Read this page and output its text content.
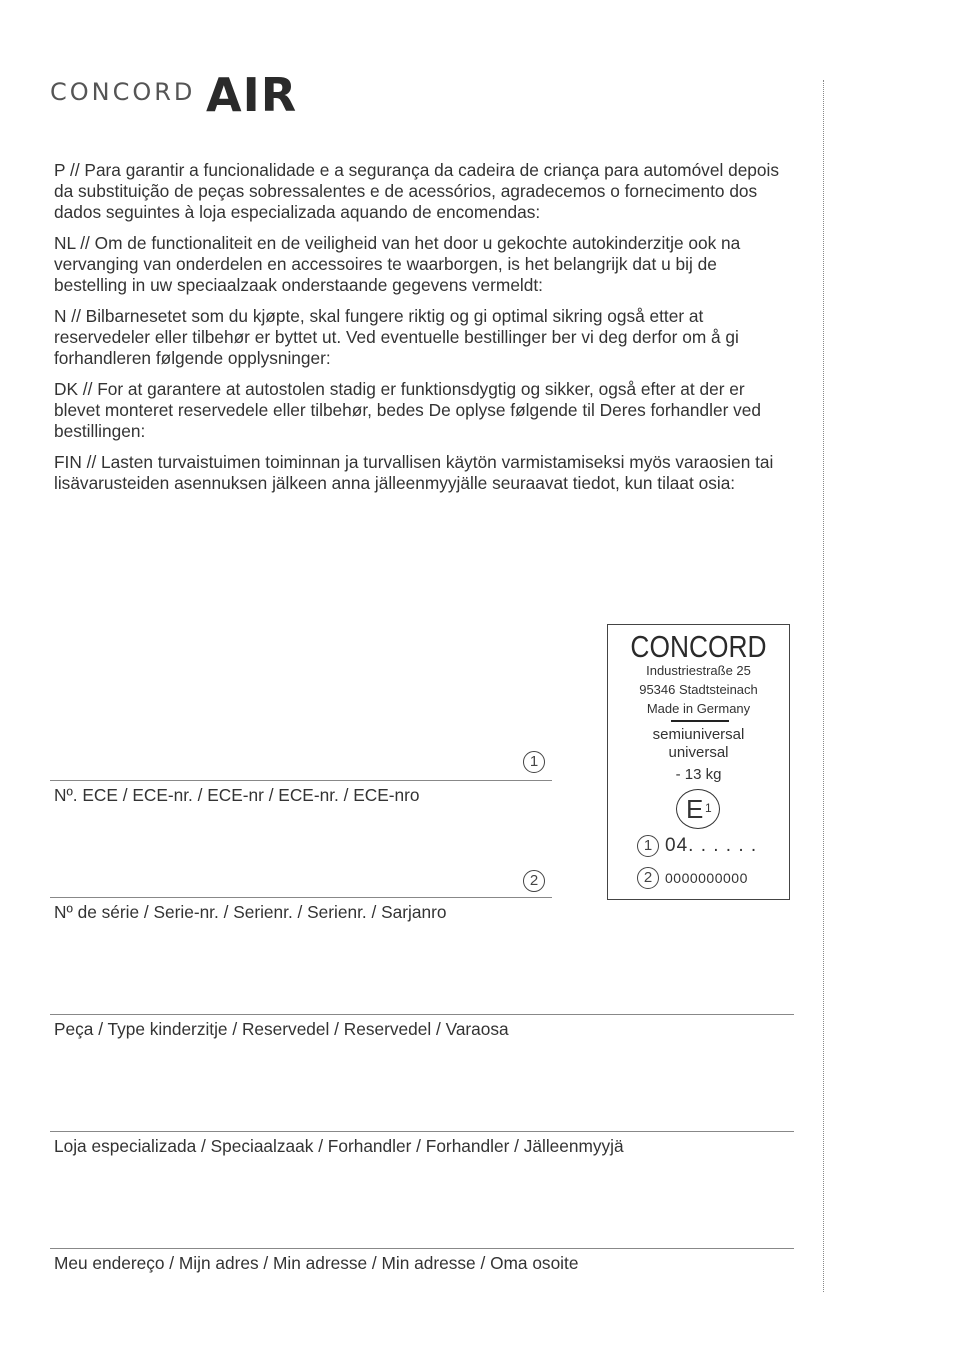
CONCORD AIR

P // Para garantir a funcionalidade e a segurança da cadeira de criança para automóvel depois da substituição de peças sobressalentes e de acessórios, agradecemos o fornecimento dos dados seguintes à loja especializada aquando de encomendas:

NL // Om de functionaliteit en de veiligheid van het door u gekochte autokinderzitje ook na vervanging van onderdelen en accessoires te waarborgen, is het belangrijk dat u bij de bestelling in uw speciaalzaak onderstaande gegevens vermeldt:

N // Bilbarnesetet som du kjøpte, skal fungere riktig og gi optimal sikring også etter at reservedeler eller tilbehør er byttet ut. Ved eventuelle bestillinger ber vi deg derfor om å gi forhandleren følgende opplysninger:

DK // For at garantere at autostolen stadig er funktionsdygtig og sikker, også efter at der er blevet monteret reservedele eller tilbehør, bedes De oplyse følgende til Deres forhandler ved bestillingen:

FIN // Lasten turvaistuimen toiminnan ja turvallisen käytön varmistamiseksi myös varaosien tai lisävarusteiden asennuksen jälkeen anna jälleenmyyjälle seuraavat tiedot, kun tilaat osia:

1
Nº. ECE / ECE-nr. / ECE-nr / ECE-nr. / ECE-nro
2
Nº de série / Serie-nr. / Serienr. / Serienr. / Sarjanro
Peça / Type kinderzitje / Reservedel / Reservedel / Varaosa
Loja especializada / Speciaalzaak / Forhandler / Forhandler / Jälleenmyyjä
Meu endereço / Mijn adres / Min adresse / Min adresse / Oma osoite
CONCORD
Industriestraße 25
95346 Stadtsteinach
Made in Germany
semiuniversal
universal
- 13 kg
E 1
1 04. . . . . .
2 0000000000
